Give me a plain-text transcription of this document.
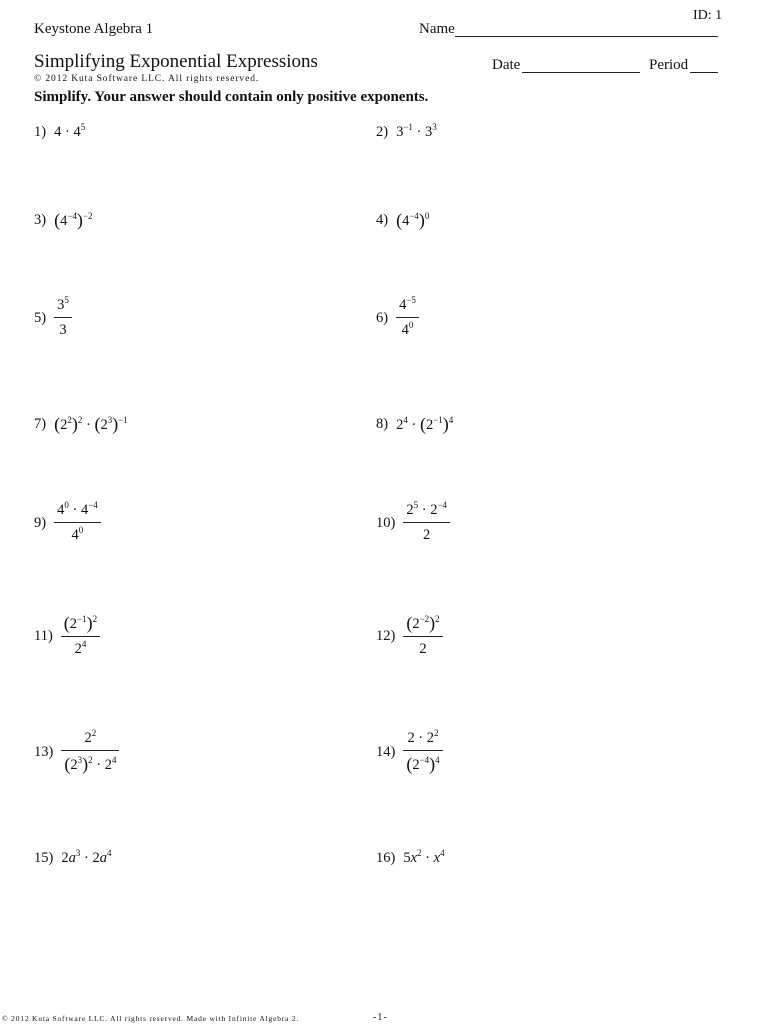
ID: 1
Keystone Algebra 1	Name
Simplifying Exponential Expressions	Date	Period
© 2012 Kuta Software LLC. All rights reserved.
Simplify. Your answer should contain only positive exponents.
1) $4 \cdot 4^5$	2) $3^{-1} \cdot 3^3$
3) $(4^{-4})^{-2}$	4) $(4^{-4})^0$
$5) \frac{3^5}{3}$	$6) \frac{4^{-5}}{4^0}$
7) $(2^2)^2 \cdot (2^3)^{-1}$	8) $2^4 \cdot (2^{-1})^4$
$9) \frac{4^0 \cdot 4^{-4}}{4^0}$	$10) \frac{2^5 \cdot 2^{-4}}{2}$
$11) \frac{(2^{-1})^2}{2^4}$	$12) \frac{(2^{-2})^2}{2}$
$13) \frac{2^2}{(2^3)^2 \cdot 2^4}$	$14) \frac{2 \cdot 2^2}{(2^{-4})^4}$
15) $2a^3 \cdot 2a^4$	16) $5x^2 \cdot x^4$
© 2012 Kuta Software LLC. All rights reserved. Made with Infinite Algebra 2.	-1-
